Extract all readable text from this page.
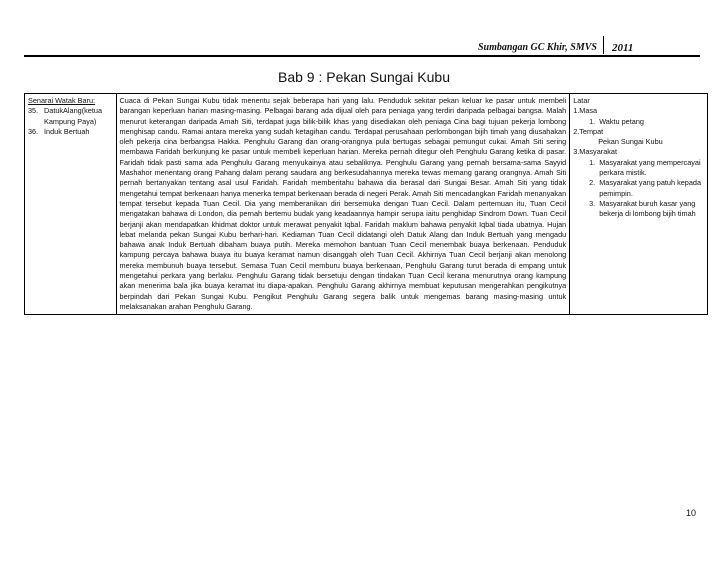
Sumbangan GC Khir, SMVS	2011
Bab 9 : Pekan Sungai Kubu
Senarai Watak Baru:
35. DatukAlang(ketua Kampung Paya)
36. Induk Bertuah

Cuaca di Pekan Sungai Kubu tidak menentu sejak beberapa hari yang lalu. Penduduk sekitar pekan keluar ke pasar untuk membeli barangan keperluan harian masing-masing. Pelbagai barang ada dijual oleh para peniaga yang terdiri daripada pelbagai bangsa. Malah menurut keterangan daripada Amah Siti, terdapat juga bilik-bilik khas yang disediakan oleh peniaga Cina bagi tujuan pekerja lombong menghisap candu. Ramai antara mereka yang sudah ketagihan candu. Terdapat perusahaan perlombongan bijih timah yang diusahakan oleh pekerja cina berbangsa Hakka. Penghulu Garang dan orang-orangnya pula bertugas sebagai pemungut cukai. Amah Siti sering membawa Faridah berkunjung ke pasar untuk membeli keperluan harian. Mereka pernah ditegur oleh Penghulu Garang ketika di pasar. Faridah tidak pasti sama ada Penghulu Garang menyukainya atau sebaliknya. Penghulu Garang yang pernah bersama-sama Sayyid Mashahor menentang orang Pahang dalam perang saudara ang berkesudahannya mereka tewas memang garang orangnya. Amah Siti pernah bertanyakan tentang asal usul Faridah. Faridah memberitahu bahawa dia berasal dari Sungai Besar. Amah Siti yang tidak mengetahui tempat berkenaan hanya menerka tempat berkenaan berada di negeri Perak. Amah Siti mencadangkan Faridah menanyakan tempat tersebut kepada Tuan Cecil. Dia yang memberanikan diri bersemuka dengan Tuan Cecil. Dalam pertemuan itu, Tuan Cecil mengatakan bahawa di London, dia pernah bertemu budak yang keadaannya hampir serupa iaitu penghidap Sindrom Down. Tuan Cecil berjanji akan mendapatkan khidmat doktor untuk merawat penyakit Iqbal. Faridah maklum bahawa penyakit Iqbal tiada ubatnya. Hujan lebat melanda pekan Sungai Kubu berhari-hari. Kediaman Tuan Cecil didatangi oleh Datuk Alang dan Induk Bertuah yang mengadu bahawa anak Induk Bertuah dibaham buaya putih. Mereka memohon bantuan Tuan Cecil menembak buaya berkenaan. Penduduk kampung percaya bahawa buaya itu buaya keramat namun disanggah oleh Tuan Cecil. Akhirnya Tuan Cecil berjanji akan menolong mereka membunuh buaya tersebut. Semasa Tuan Cecil memburu buaya berkenaan, Penghulu Garang turut berada di empang untuk mengetahui perkara yang berlaku. Penghulu Garang tidak bersetuju dengan tindakan Tuan Cecil kerana menurutnya orang kampung akan menerima bala jika buaya keramat itu diapa-apakan. Penghulu Garang akhirnya membuat keputusan mengerahkan pengikutnya berpindah dari Pekan Sungai Kubu. Pengikut Penghulu Garang segera balik untuk mengemas barang masing-masing untuk melaksanakan arahan Penghulu Garang.

Latar
1.Masa
1. Waktu petang
2.Tempat
Pekan Sungai Kubu
3.Masyarakat
1. Masyarakat yang mempercayai perkara mistik.
2. Masyarakat yang patuh kepada pemimpin.
3. Masyarakat buruh kasar yang bekerja di lombong bijih timah
10
